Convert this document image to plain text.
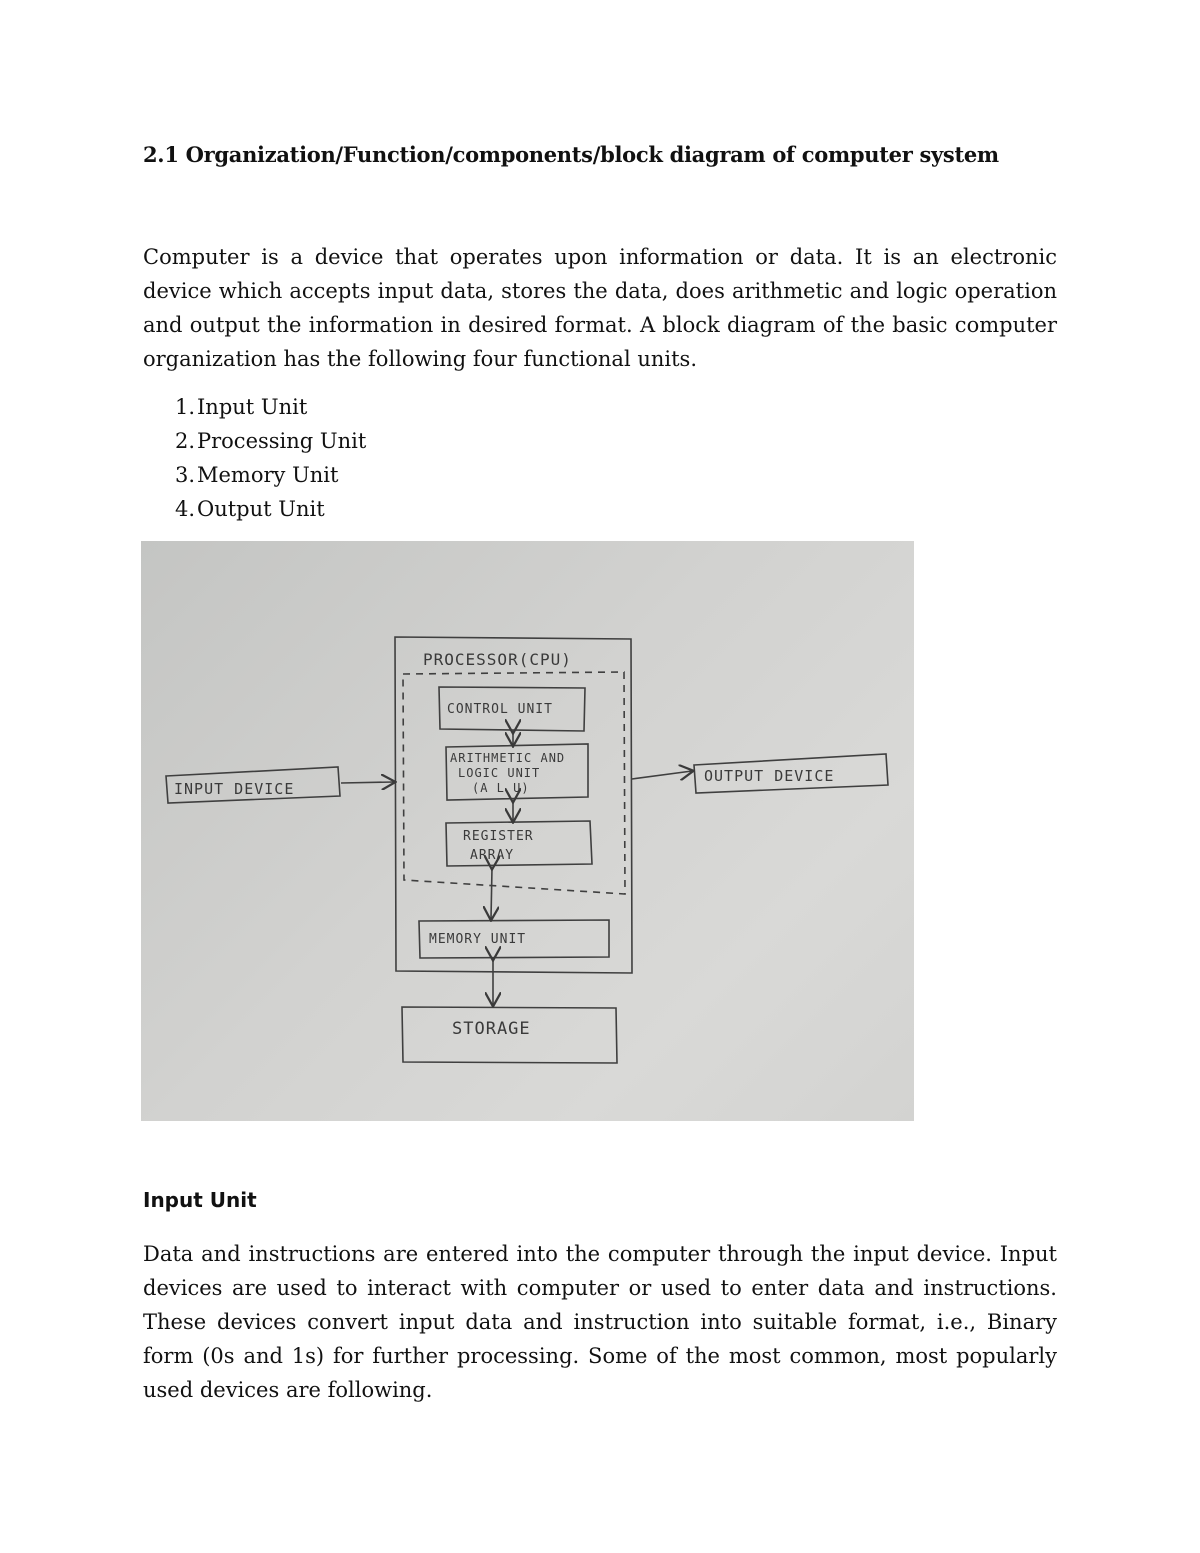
2.1 Organization/Function/components/block diagram of computer system

Computer is a device that operates upon information or data. It is an electronic device which accepts input data, stores the data, does arithmetic and logic operation and output the information in desired format. A block diagram of the basic computer organization has the following four functional units.

1. Input Unit
2. Processing Unit
3. Memory Unit
4. Output Unit
PROCESSOR(CPU)
CONTROL UNIT
ARITHMETIC AND
LOGIC UNIT
(A L U)
REGISTER
ARRAY
MEMORY UNIT
STORAGE
INPUT DEVICE
OUTPUT DEVICE
Input Unit

Data and instructions are entered into the computer through the input device. Input devices are used to interact with computer or used to enter data and instructions. These devices convert input data and instruction into suitable format, i.e., Binary form (0s and 1s) for further processing. Some of the most common, most popularly used devices are following.
